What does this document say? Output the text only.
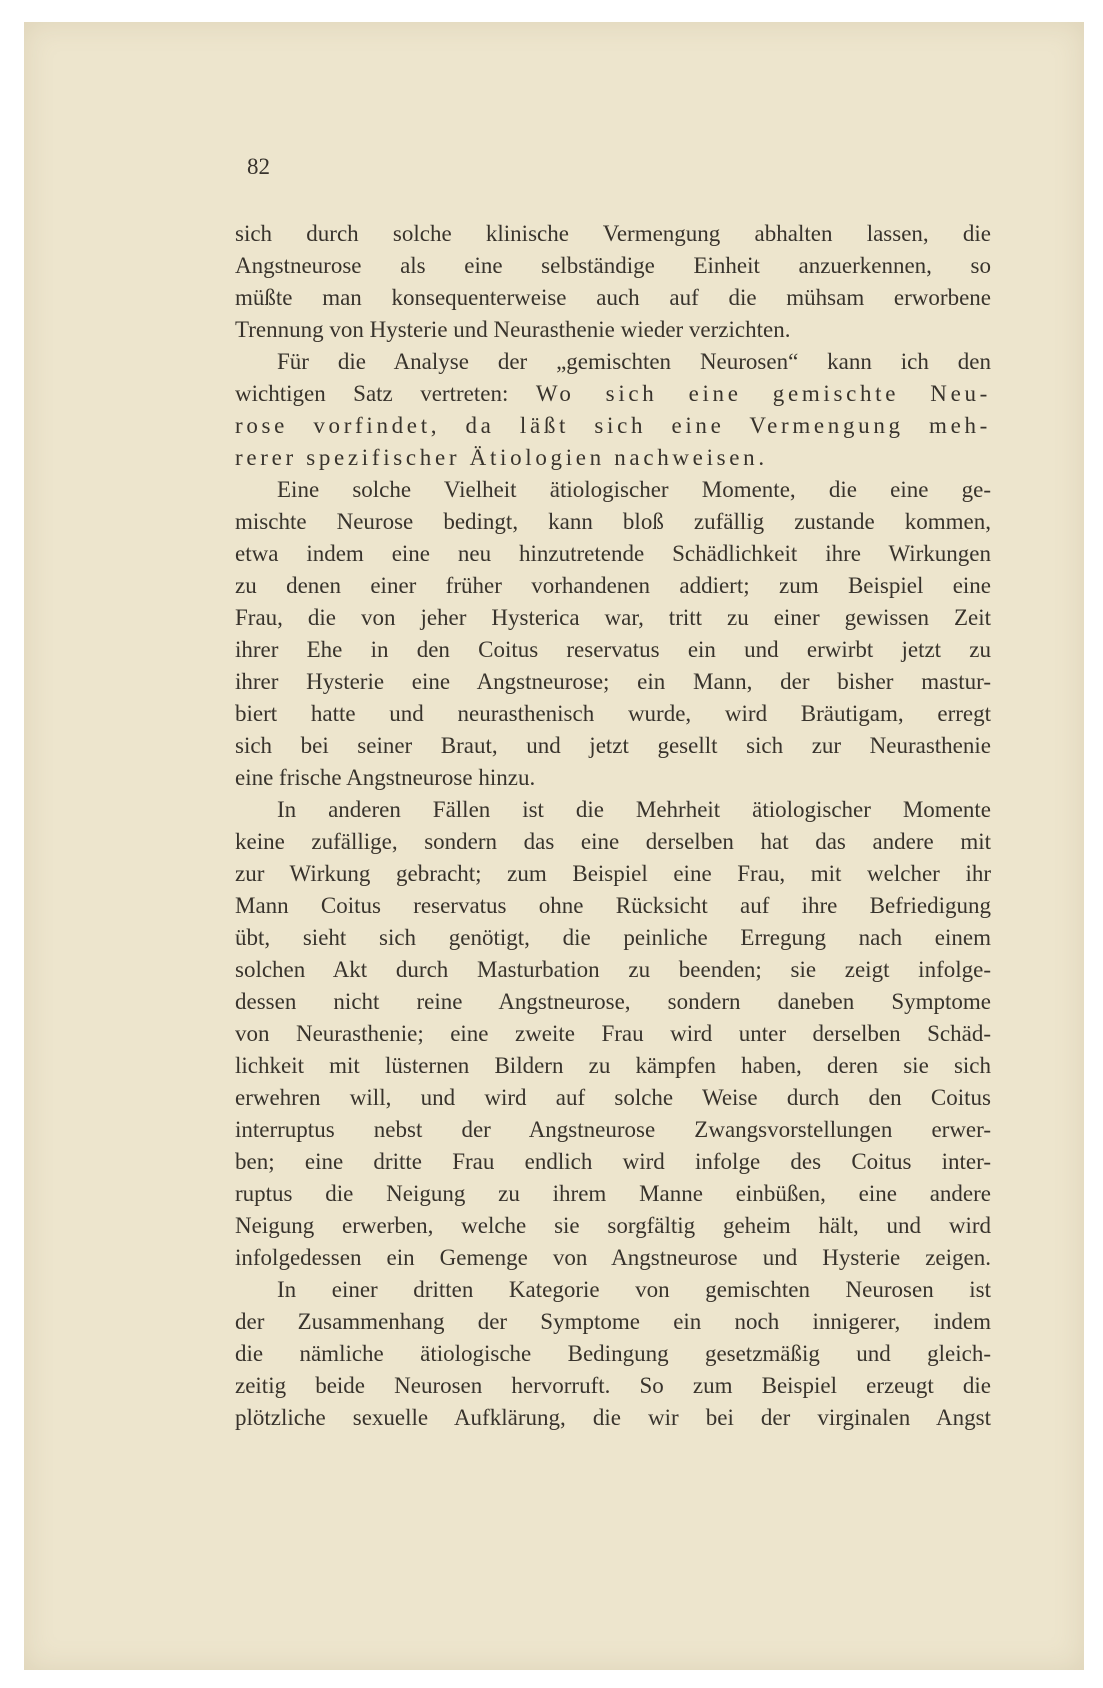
82
sich durch solche klinische Vermengung abhalten lassen, die
Angstneurose als eine selbständige Einheit anzuerkennen, so
müßte man konsequenterweise auch auf die mühsam erworbene
Trennung von Hysterie und Neurasthenie wieder verzichten.
Für die Analyse der „gemischten Neurosen“ kann ich den
wichtigen Satz vertreten: Wo sich eine gemischte Neu-
rose vorfindet, da läßt sich eine Vermengung meh-
rerer spezifischer Ätiologien nachweisen.
Eine solche Vielheit ätiologischer Momente, die eine ge-
mischte Neurose bedingt, kann bloß zufällig zustande kommen,
etwa indem eine neu hinzutretende Schädlichkeit ihre Wirkungen
zu denen einer früher vorhandenen addiert; zum Beispiel eine
Frau, die von jeher Hysterica war, tritt zu einer gewissen Zeit
ihrer Ehe in den Coitus reservatus ein und erwirbt jetzt zu
ihrer Hysterie eine Angstneurose; ein Mann, der bisher mastur-
biert hatte und neurasthenisch wurde, wird Bräutigam, erregt
sich bei seiner Braut, und jetzt gesellt sich zur Neurasthenie
eine frische Angstneurose hinzu.
In anderen Fällen ist die Mehrheit ätiologischer Momente
keine zufällige, sondern das eine derselben hat das andere mit
zur Wirkung gebracht; zum Beispiel eine Frau, mit welcher ihr
Mann Coitus reservatus ohne Rücksicht auf ihre Befriedigung
übt, sieht sich genötigt, die peinliche Erregung nach einem
solchen Akt durch Masturbation zu beenden; sie zeigt infolge-
dessen nicht reine Angstneurose, sondern daneben Symptome
von Neurasthenie; eine zweite Frau wird unter derselben Schäd-
lichkeit mit lüsternen Bildern zu kämpfen haben, deren sie sich
erwehren will, und wird auf solche Weise durch den Coitus
interruptus nebst der Angstneurose Zwangsvorstellungen erwer-
ben; eine dritte Frau endlich wird infolge des Coitus inter-
ruptus die Neigung zu ihrem Manne einbüßen, eine andere
Neigung erwerben, welche sie sorgfältig geheim hält, und wird
infolgedessen ein Gemenge von Angstneurose und Hysterie zeigen.
In einer dritten Kategorie von gemischten Neurosen ist
der Zusammenhang der Symptome ein noch innigerer, indem
die nämliche ätiologische Bedingung gesetzmäßig und gleich-
zeitig beide Neurosen hervorruft. So zum Beispiel erzeugt die
plötzliche sexuelle Aufklärung, die wir bei der virginalen Angst
